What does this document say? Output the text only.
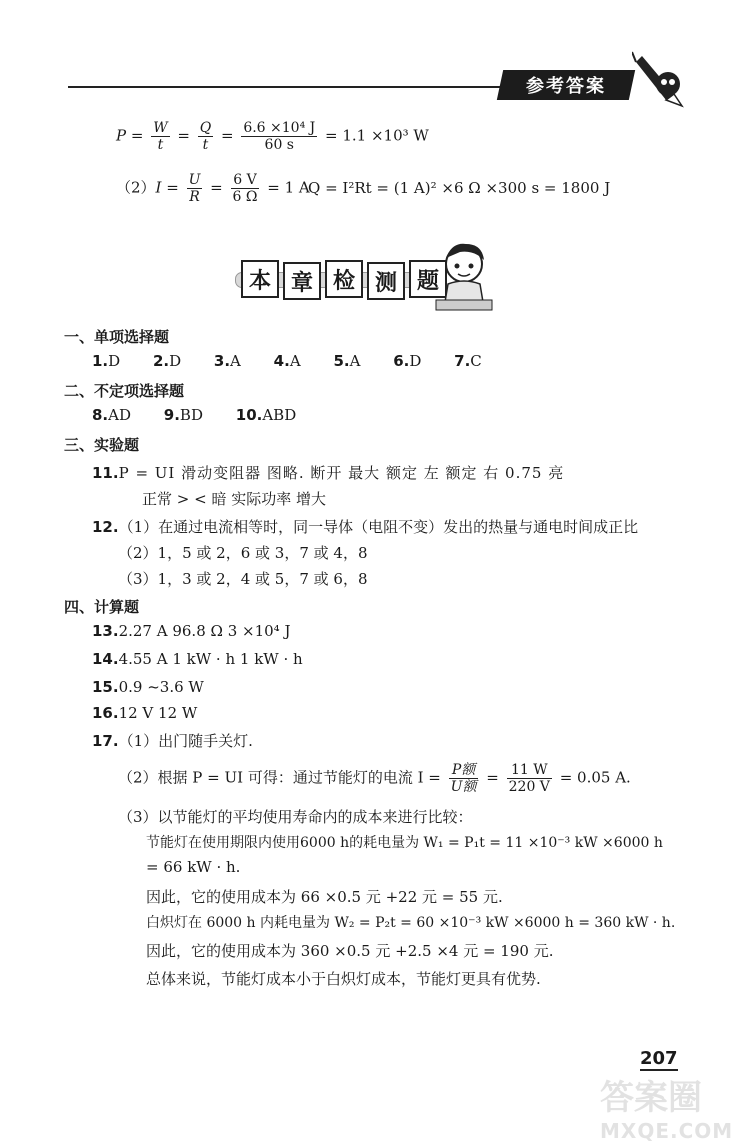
参考答案
$P = \frac{W}{t} = \frac{Q}{t} = \frac{\text{6.6 ×10⁴ J}}{60 s} = 1.1 \times 10^3$ W
$(2)I = \frac{U}{R} = \frac{6 V}{6 \Omega} = 1$ A
Q = I²Rt = (1 A)² ×6 Ω ×300 s = 1800 J
本 章 检 测 题
一、单项选择题
1.D 2.D 3.A 4.A 5.A 6.D 7.C
二、不定项选择题
8.AD 9.BD 10.ABD
三、实验题
11.P = UI 滑动变阻器 图略. 断开 最大 额定 左 额定 右 0.75 亮
正常 > < 暗 实际功率 增大
12.（1）在通过电流相等时，同一导体（电阻不变）发出的热量与通电时间成正比
（2）1，5 或 2，6 或 3，7 或 4，8
（3）1，3 或 2，4 或 5，7 或 6，8
四、计算题
13.2.27 A 96.8 Ω 3 ×10⁴ J
14.4.55 A 1 kW · h 1 kW · h
15.0.9 ~3.6 W
16.12 V 12 W
17.（1）出门随手关灯.
（2）根据 P = UI 可得：通过节能灯的电流 $I = \frac{\text{P额}}{\text{U额}} = \frac{11 W}{220 V} = 0.05$ A.
（3）以节能灯的平均使用寿命内的成本来进行比较：
节能灯在使用期限内使用6000 h的耗电量为 W₁ = P₁t = 11 ×10⁻³ kW ×6000 h
= 66 kW · h.
因此，它的使用成本为 66 ×0.5 元 +22 元 = 55 元.
白炽灯在 6000 h 内耗电量为 W₂ = P₂t = 60 ×10⁻³ kW ×6000 h = 360 kW · h.
因此，它的使用成本为 360 ×0.5 元 +2.5 ×4 元 = 190 元.
总体来说，节能灯成本小于白炽灯成本，节能灯更具有优势.
207
答案圈
MXQE.COM
